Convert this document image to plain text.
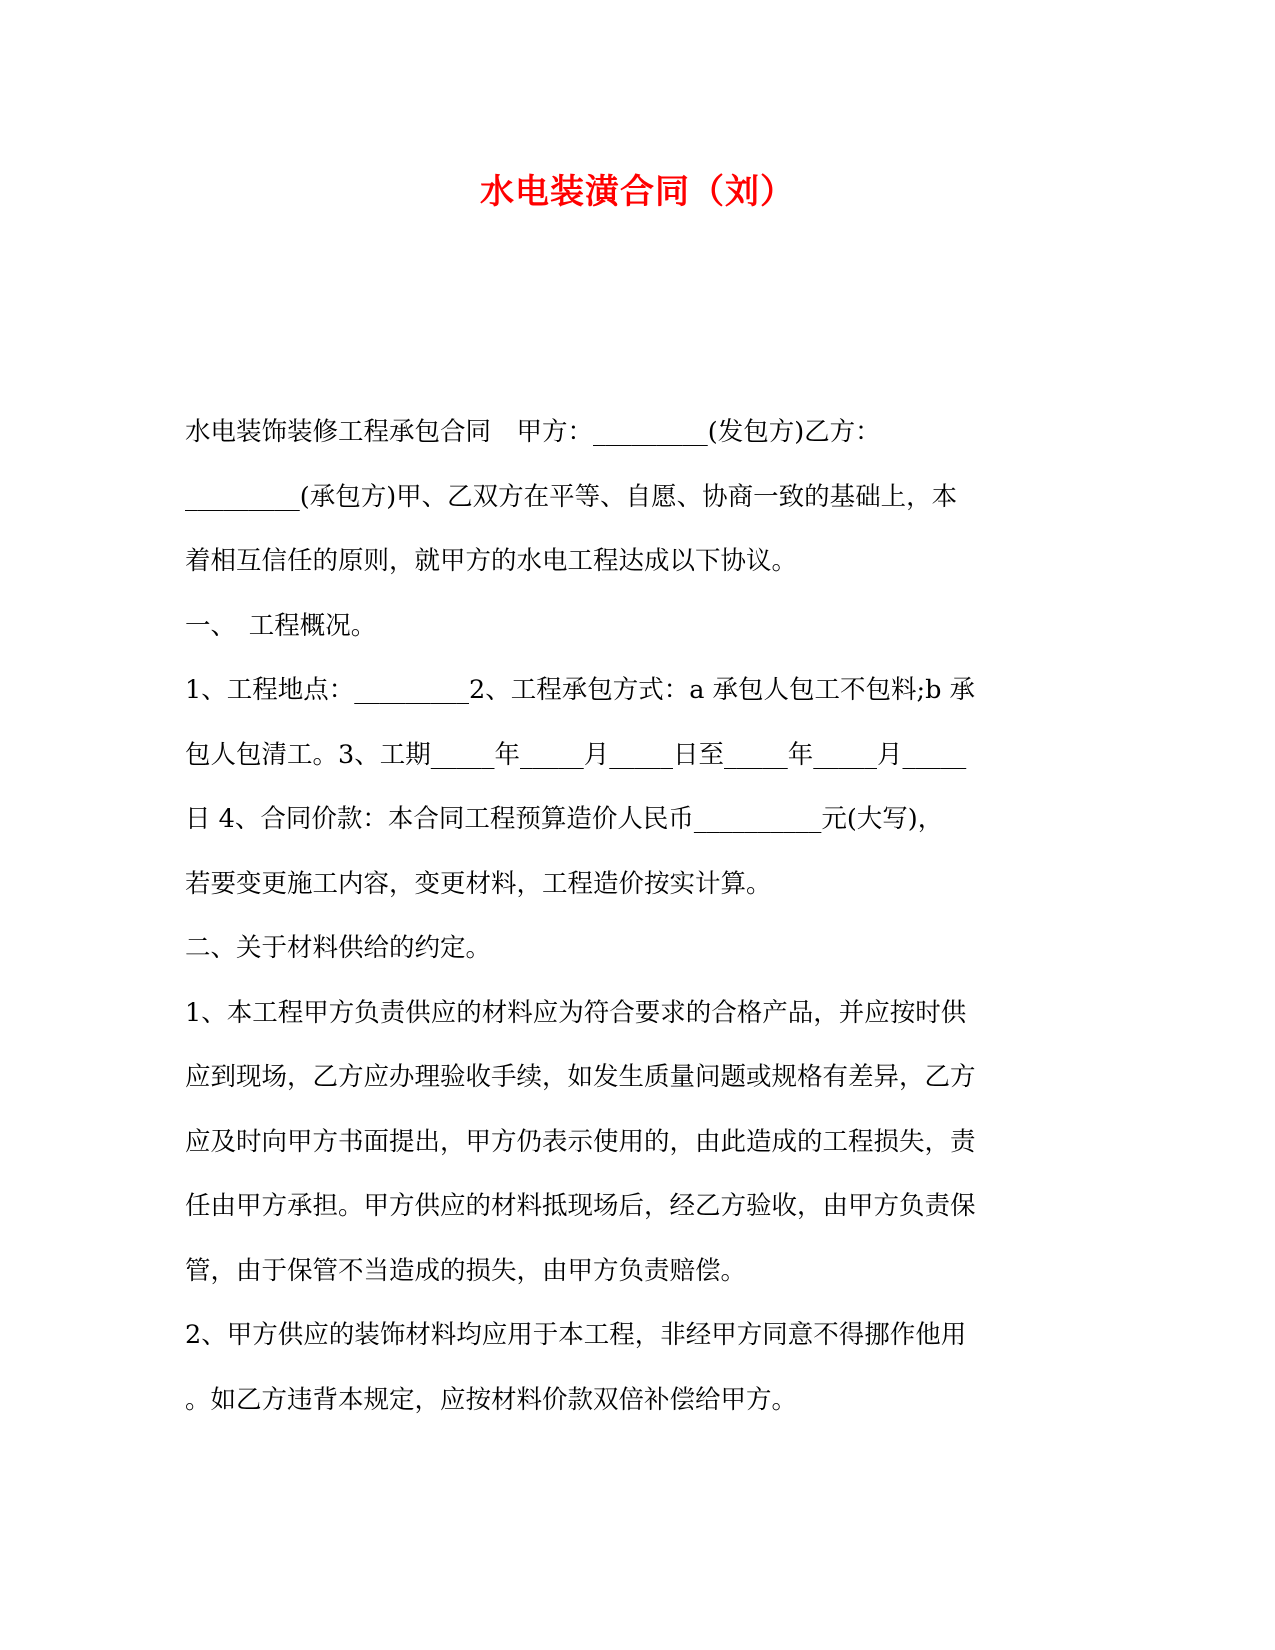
水电装潢合同（刘）
水电装饰装修工程承包合同　甲方：_________(发包方)乙方：
_________(承包方)甲、乙双方在平等、自愿、协商一致的基础上，本
着相互信任的原则，就甲方的水电工程达成以下协议。
一、　工程概况。
1、工程地点：_________2、工程承包方式：a 承包人包工不包料;b 承
包人包清工。3、工期_____年_____月_____日至_____年_____月_____
日 4、合同价款：本合同工程预算造价人民币__________元(大写)，
若要变更施工内容，变更材料，工程造价按实计算。
二、关于材料供给的约定。
1、本工程甲方负责供应的材料应为符合要求的合格产品，并应按时供
应到现场，乙方应办理验收手续，如发生质量问题或规格有差异，乙方
应及时向甲方书面提出，甲方仍表示使用的，由此造成的工程损失，责
任由甲方承担。甲方供应的材料抵现场后，经乙方验收，由甲方负责保
管，由于保管不当造成的损失，由甲方负责赔偿。
2、甲方供应的装饰材料均应用于本工程，非经甲方同意不得挪作他用
。如乙方违背本规定，应按材料价款双倍补偿给甲方。
